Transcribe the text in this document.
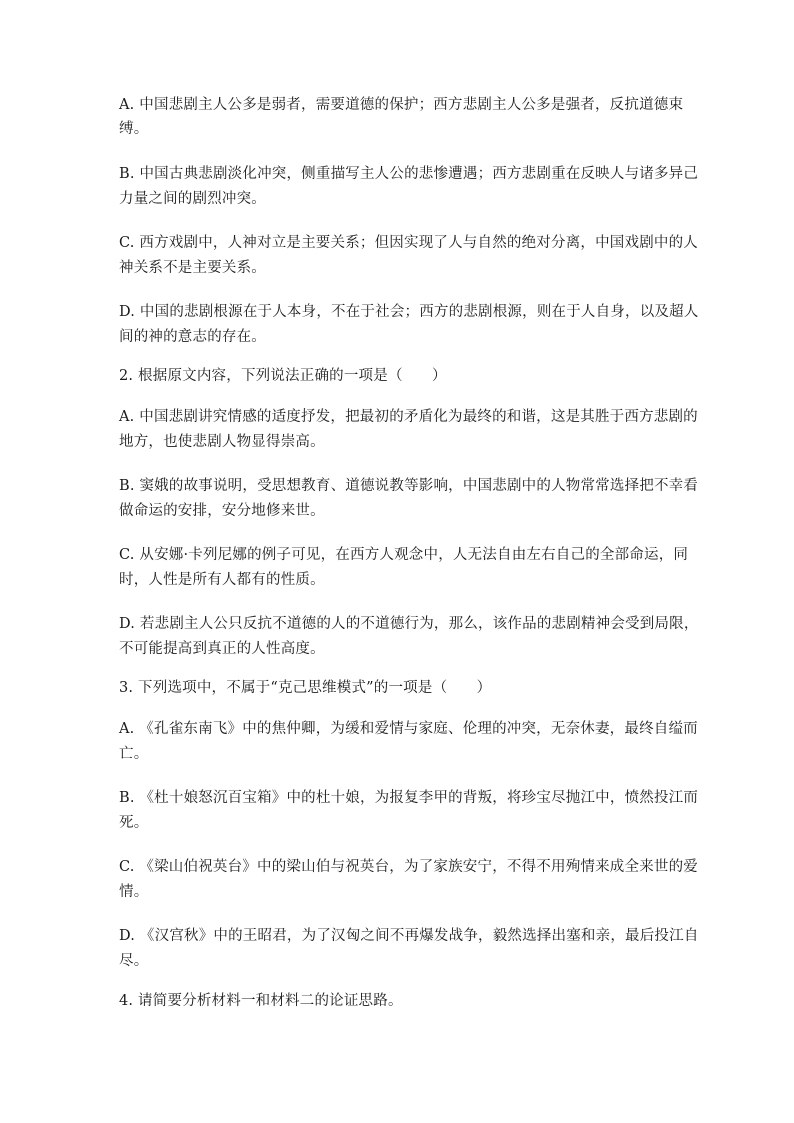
A. 中国悲剧主人公多是弱者，需要道德的保护；西方悲剧主人公多是强者，反抗道德束
缚。
B. 中国古典悲剧淡化冲突，侧重描写主人公的悲惨遭遇；西方悲剧重在反映人与诸多异己
力量之间的剧烈冲突。
C. 西方戏剧中，人神对立是主要关系；但因实现了人与自然的绝对分离，中国戏剧中的人
神关系不是主要关系。
D. 中国的悲剧根源在于人本身，不在于社会；西方的悲剧根源，则在于人自身，以及超人
间的神的意志的存在。
2. 根据原文内容，下列说法正确的一项是（　　）
A. 中国悲剧讲究情感的适度抒发，把最初的矛盾化为最终的和谐，这是其胜于西方悲剧的
地方，也使悲剧人物显得崇高。
B. 窦娥的故事说明，受思想教育、道德说教等影响，中国悲剧中的人物常常选择把不幸看
做命运的安排，安分地修来世。
C. 从安娜·卡列尼娜的例子可见，在西方人观念中，人无法自由左右自己的全部命运，同
时，人性是所有人都有的性质。
D. 若悲剧主人公只反抗不道德的人的不道德行为，那么，该作品的悲剧精神会受到局限，
不可能提高到真正的人性高度。
3. 下列选项中，不属于“克己思维模式”的一项是（　　）
A. 《孔雀东南飞》中的焦仲卿，为缓和爱情与家庭、伦理的冲突，无奈休妻，最终自缢而
亡。
B. 《杜十娘怒沉百宝箱》中的杜十娘，为报复李甲的背叛，将珍宝尽抛江中，愤然投江而
死。
C. 《梁山伯祝英台》中的梁山伯与祝英台，为了家族安宁，不得不用殉情来成全来世的爱
情。
D. 《汉宫秋》中的王昭君，为了汉匈之间不再爆发战争，毅然选择出塞和亲，最后投江自
尽。
4. 请简要分析材料一和材料二的论证思路。
